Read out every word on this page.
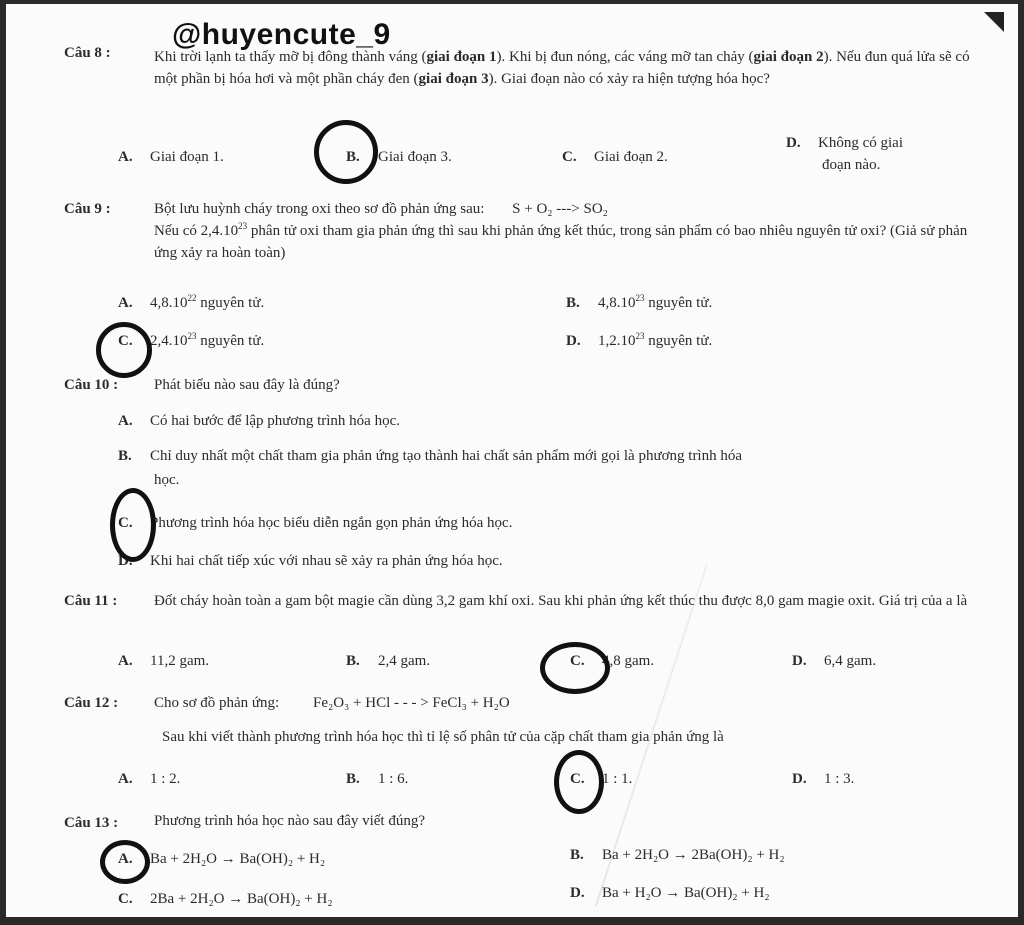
Câu 8 :	Khi trời lạnh ta thấy mỡ bị đông thành váng (giai đoạn 1). Khi bị đun nóng, các váng mỡ tan chảy (giai đoạn 2). Nếu đun quá lửa sẽ có một phần bị hóa hơi và một phần cháy đen (giai đoạn 3). Giai đoạn nào có xảy ra hiện tượng hóa học?
A. Giai đoạn 1.	B. Giai đoạn 3.	C. Giai đoạn 2.
D. Không có giai
đoạn nào.
Câu 9 :	Bột lưu huỳnh cháy trong oxi theo sơ đồ phản ứng sau: S + O₂ ---> SO₂
Nếu có 2,4.10$^{23}$ phân tử oxi tham gia phản ứng thì sau khi phản ứng kết thúc, trong sản phẩm có bao nhiêu nguyên tử oxi? (Giả sử phản ứng xảy ra hoàn toàn)
A. 4,8.10$^{22}$ nguyên tử.	B. 4,8.10$^{23}$ nguyên tử.
C. 2,4.10$^{23}$ nguyên tử.	D. 1,2.10$^{23}$ nguyên tử.
Câu 10 : Phát biểu nào sau đây là đúng?
A. Có hai bước để lập phương trình hóa học.
B. Chỉ duy nhất một chất tham gia phản ứng tạo thành hai chất sản phẩm mới gọi là phương trình hóa
học.
C. Phương trình hóa học biểu diễn ngắn gọn phản ứng hóa học.
D. Khi hai chất tiếp xúc với nhau sẽ xảy ra phản ứng hóa học.
Câu 11 : Đốt cháy hoàn toàn a gam bột magie cần dùng 3,2 gam khí oxi. Sau khi phản ứng kết thúc thu được 8,0 gam magie oxit. Giá trị của a là
A. 11,2 gam.	B. 2,4 gam.	C. 4,8 gam.	D. 6,4 gam.
Câu 12 : Cho sơ đồ phản ứng: Fe₂O₃ + HCl - - - > FeCl₃ + H₂O
Sau khi viết thành phương trình hóa học thì tỉ lệ số phân tử của cặp chất tham gia phản ứng là
A. 1 : 2.	B. 1 : 6.	C. 1 : 1.	D. 1 : 3.
Câu 13 : Phương trình hóa học nào sau đây viết đúng?
A. Ba + 2H₂O → Ba(OH)₂ + H₂	B. Ba + 2H₂O → 2Ba(OH)₂ + H₂
C. 2Ba + 2H₂O → Ba(OH)₂ + H₂	D. Ba + H₂O → Ba(OH)₂ + H₂
@huyencute_9
